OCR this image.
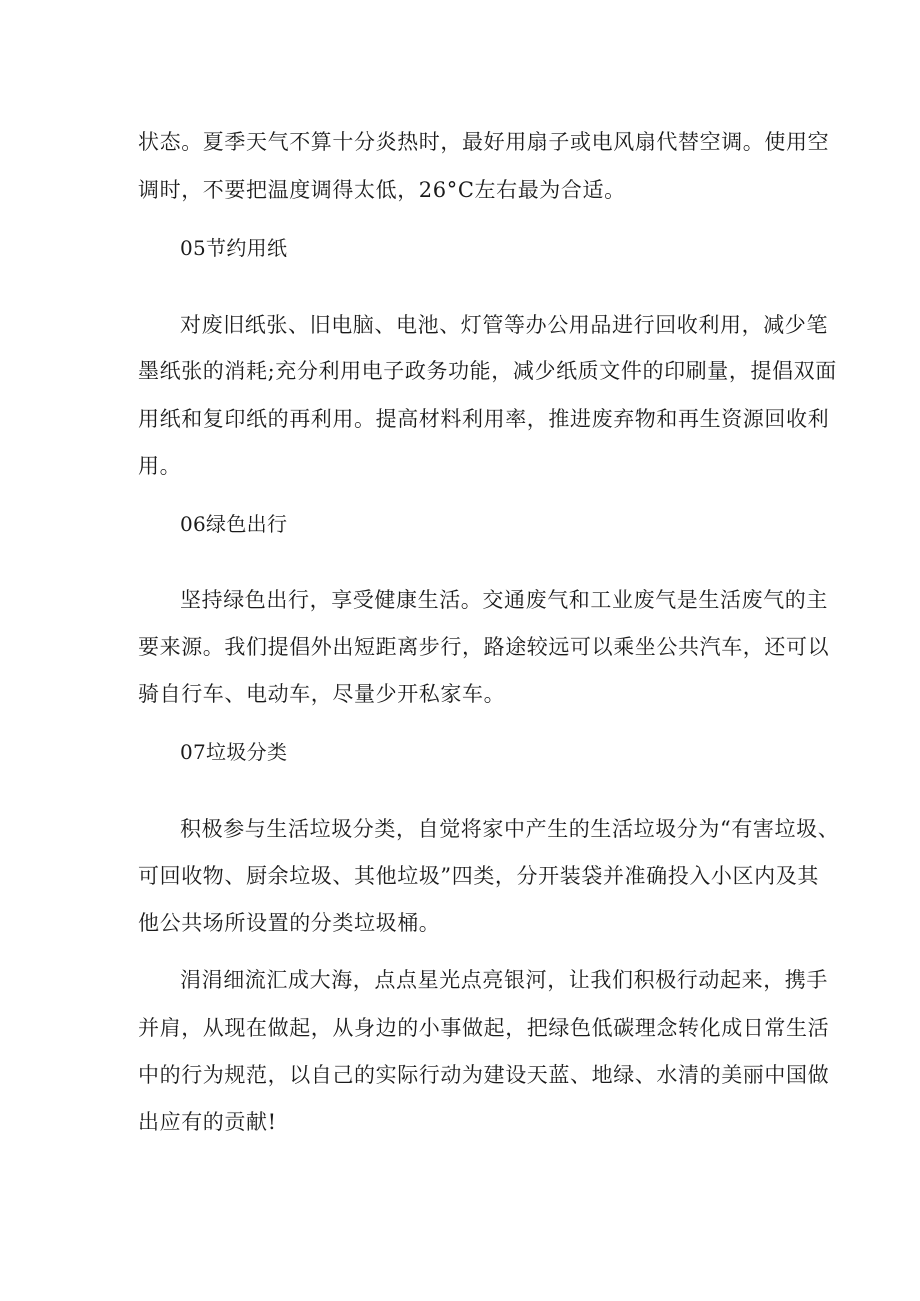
状态。夏季天气不算十分炎热时，最好用扇子或电风扇代替空调。使用空
调时，不要把温度调得太低，26°C左右最为合适。
05节约用纸
对废旧纸张、旧电脑、电池、灯管等办公用品进行回收利用，减少笔
墨纸张的消耗;充分利用电子政务功能，减少纸质文件的印刷量，提倡双面
用纸和复印纸的再利用。提高材料利用率，推进废弃物和再生资源回收利
用。
06绿色出行
坚持绿色出行，享受健康生活。交通废气和工业废气是生活废气的主
要来源。我们提倡外出短距离步行，路途较远可以乘坐公共汽车，还可以
骑自行车、电动车，尽量少开私家车。
07垃圾分类
积极参与生活垃圾分类，自觉将家中产生的生活垃圾分为“有害垃圾、
可回收物、厨余垃圾、其他垃圾”四类，分开装袋并准确投入小区内及其
他公共场所设置的分类垃圾桶。
涓涓细流汇成大海，点点星光点亮银河，让我们积极行动起来，携手
并肩，从现在做起，从身边的小事做起，把绿色低碳理念转化成日常生活
中的行为规范，以自己的实际行动为建设天蓝、地绿、水清的美丽中国做
出应有的贡献!
